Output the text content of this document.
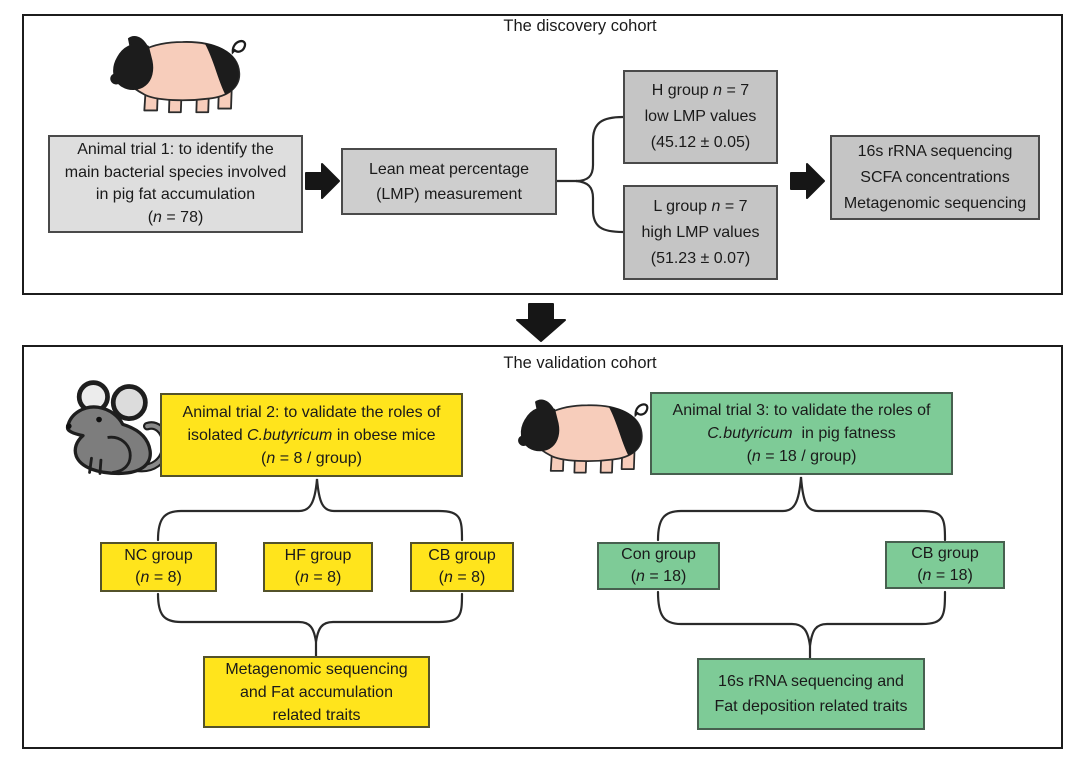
The discovery cohort
The validation cohort
Animal trial 1: to identify the
main bacterial species involved
in pig fat accumulation
(n = 78)
Lean meat percentage
(LMP) measurement
H group n = 7
low LMP values
(45.12 ± 0.05)
L group n = 7
high LMP values
(51.23 ± 0.07)
16s rRNA sequencing
SCFA concentrations
Metagenomic sequencing
Animal trial 2: to validate the roles of
isolated C.butyricum in obese mice
(n = 8 / group)
NC group
(n = 8)
HF group
(n = 8)
CB group
(n = 8)
Metagenomic sequencing
and Fat accumulation
related traits
Animal trial 3: to validate the roles of
C.butyricum  in pig fatness
(n = 18 / group)
Con group
(n = 18)
CB group
(n = 18)
16s rRNA sequencing and
Fat deposition related traits
